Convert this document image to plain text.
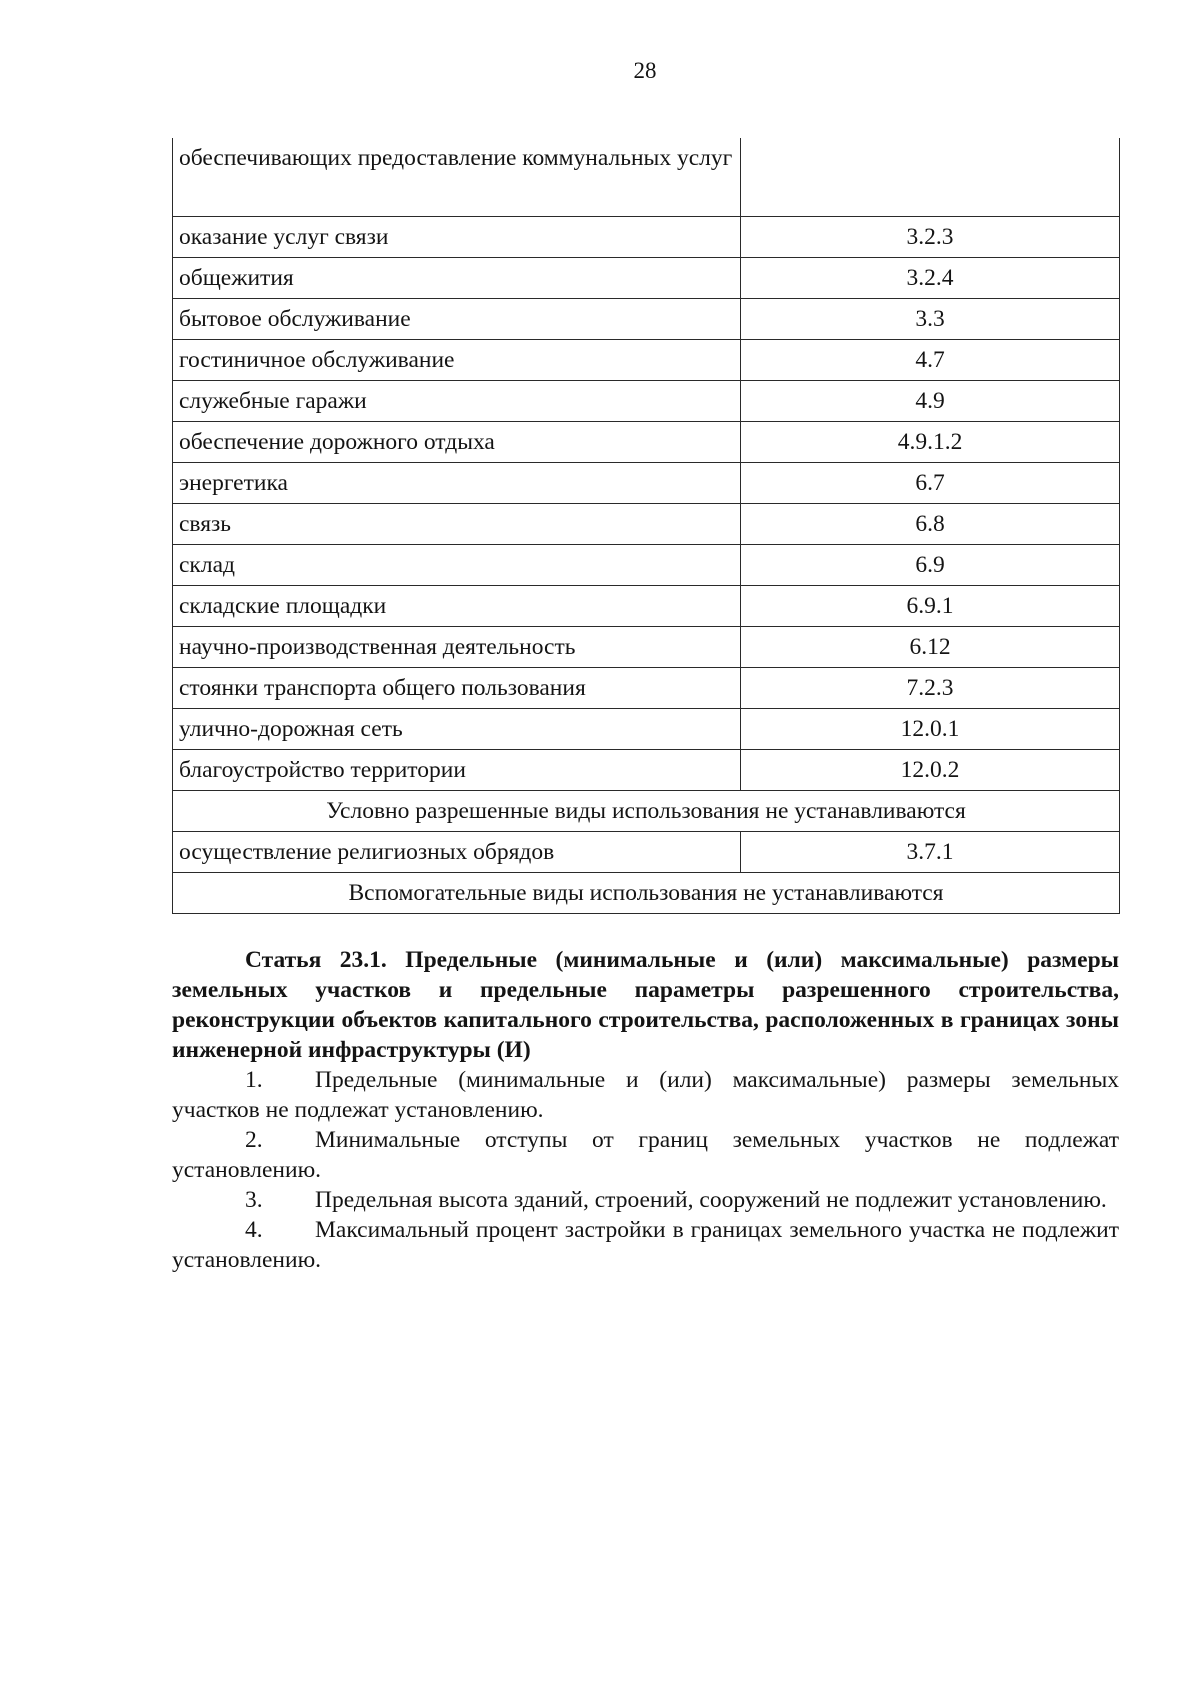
28
обеспечивающих предоставление коммунальных услуг	
оказание услуг связи	3.2.3
общежития	3.2.4
бытовое обслуживание	3.3
гостиничное обслуживание	4.7
служебные гаражи	4.9
обеспечение дорожного отдыха	4.9.1.2
энергетика	6.7
связь	6.8
склад	6.9
складские площадки	6.9.1
научно-производственная деятельность	6.12
стоянки транспорта общего пользования	7.2.3
улично-дорожная сеть	12.0.1
благоустройство территории	12.0.2
Условно разрешенные виды использования не устанавливаются	
осуществление религиозных обрядов	3.7.1
Вспомогательные виды использования не устанавливаются	

Статья 23.1. Предельные (минимальные и (или) максимальные) размеры земельных участков и предельные параметры разрешенного строительства, реконструкции объектов капитального строительства, расположенных в границах зоны инженерной инфраструктуры (И)

1. Предельные (минимальные и (или) максимальные) размеры земельных участков не подлежат установлению.

2. Минимальные отступы от границ земельных участков не подлежат установлению.

3. Предельная высота зданий, строений, сооружений не подлежит установлению.

4. Максимальный процент застройки в границах земельного участка не подлежит установлению.
